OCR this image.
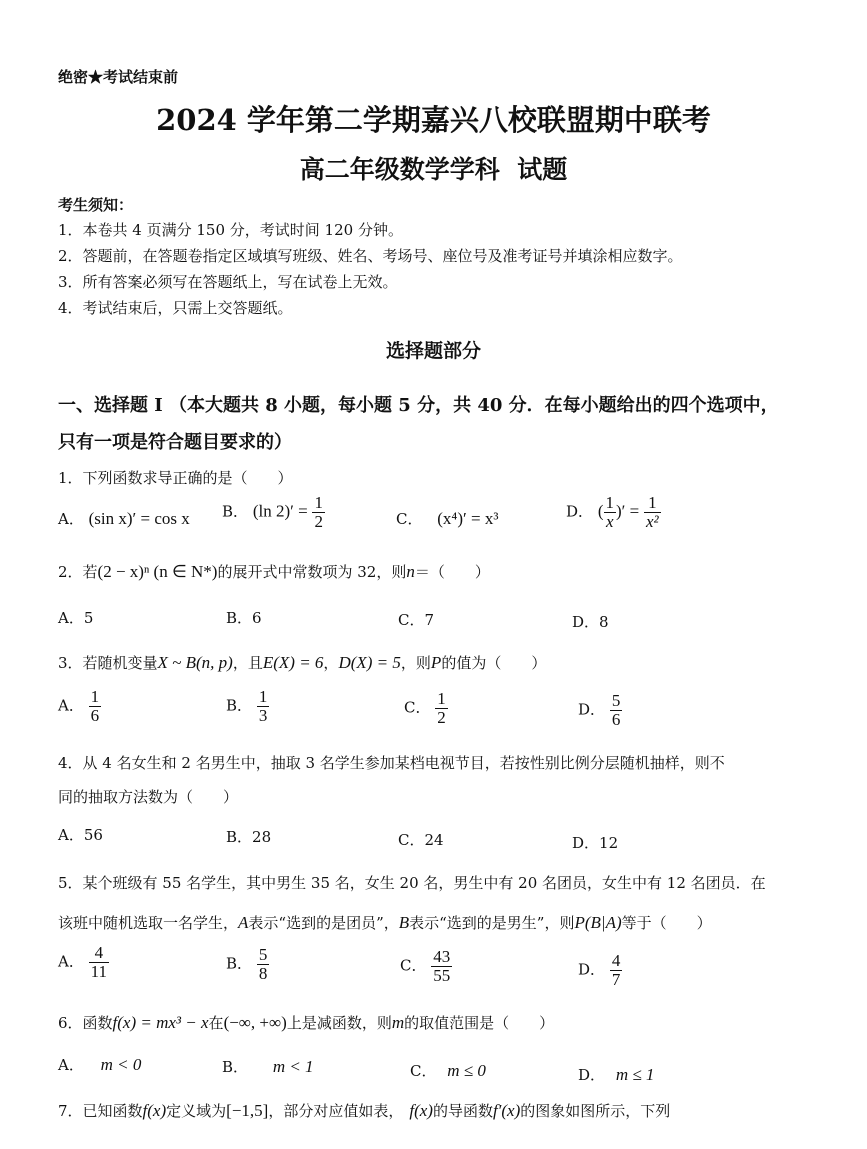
绝密★考试结束前
2024 学年第二学期嘉兴八校联盟期中联考
高二年级数学学科  试题
考生须知：
1．本卷共 4 页满分 150 分，考试时间 120 分钟。
2．答题前，在答题卷指定区域填写班级、姓名、考场号、座位号及准考证号并填涂相应数字。
3．所有答案必须写在答题纸上，写在试卷上无效。
4．考试结束后，只需上交答题纸。
选择题部分
一、选择题 I （本大题共 8 小题，每小题 5 分，共 40 分．在每小题给出的四个选项中，
只有一项是符合题目要求的）
1．下列函数求导正确的是（　　）
A． (sin x)′ = cos x B． (ln $2)' = \frac{1}{2}$	C． (x⁴)′ = x³	D． ( $\frac{1}{x}$ )′ = $\frac{1}{\text{x²}}$
2．若(2 − x)ⁿ (n ∈ N*)的展开式中常数项为 32，则n＝（　　）
A．5	B．6	C．7	D．8
3．若随机变量X ~ B(n, p)，且E(X) = 6，D(X) = 5，则P的值为（　　）
A． $\frac{1}{6}$	B． $\frac{1}{3}$	C． $\frac{1}{2}$	D． $\frac{5}{6}$
4．从 4 名女生和 2 名男生中，抽取 3 名学生参加某档电视节目，若按性别比例分层随机抽样，则不
同的抽取方法数为（　　）
A．56	B．28	C．24	D．12
5．某个班级有 55 名学生，其中男生 35 名，女生 20 名，男生中有 20 名团员，女生中有 12 名团员．在
该班中随机选取一名学生，A表示“选到的是团员”，B表示“选到的是男生”，则P(B|A)等于（　　）
A． $\frac{4}{11}$	B． $\frac{5}{8}$	C． $\frac{43}{55}$	D． $\frac{4}{7}$
6．函数f(x) = mx³ − x在(−∞, +∞)上是减函数，则m的取值范围是（　　）
A． m < 0	B． m < 1	C． m ≤ 0	D． m ≤ 1
7．已知函数f(x)定义域为[−1,5]，部分对应值如表， f(x)的导函数f′(x)的图象如图所示，下列
